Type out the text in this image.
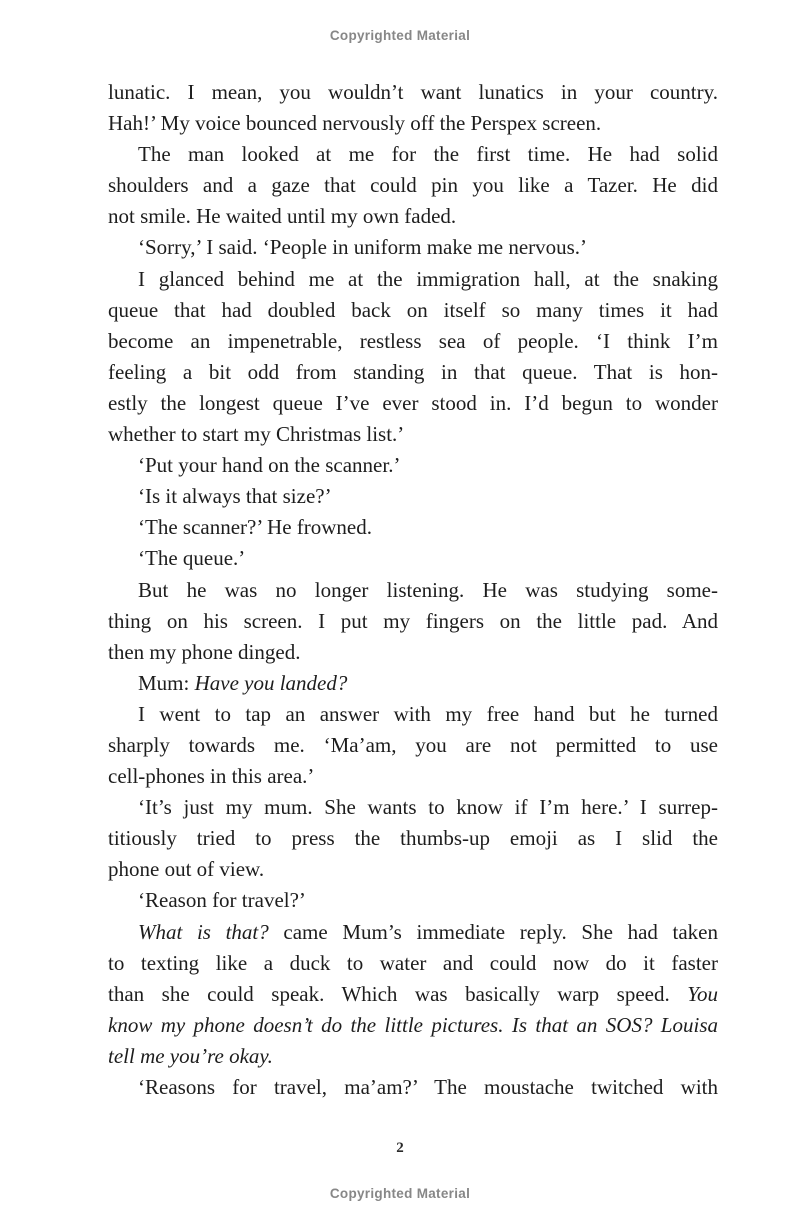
Copyrighted Material
lunatic. I mean, you wouldn’t want lunatics in your country.
Hah!’ My voice bounced nervously off the Perspex screen.
The man looked at me for the first time. He had solid
shoulders and a gaze that could pin you like a Tazer. He did
not smile. He waited until my own faded.
‘Sorry,’ I said. ‘People in uniform make me nervous.’
I glanced behind me at the immigration hall, at the snaking
queue that had doubled back on itself so many times it had
become an impenetrable, restless sea of people. ‘I think I’m
feeling a bit odd from standing in that queue. That is hon-
estly the longest queue I’ve ever stood in. I’d begun to wonder
whether to start my Christmas list.’
‘Put your hand on the scanner.’
‘Is it always that size?’
‘The scanner?’ He frowned.
‘The queue.’
But he was no longer listening. He was studying some-
thing on his screen. I put my fingers on the little pad. And
then my phone dinged.
Mum: Have you landed?
I went to tap an answer with my free hand but he turned
sharply towards me. ‘Ma’am, you are not permitted to use
cell-phones in this area.’
‘It’s just my mum. She wants to know if I’m here.’ I surrep-
titiously tried to press the thumbs-up emoji as I slid the
phone out of view.
‘Reason for travel?’
What is that? came Mum’s immediate reply. She had taken
to texting like a duck to water and could now do it faster
than she could speak. Which was basically warp speed. You
know my phone doesn’t do the little pictures. Is that an SOS? Louisa
tell me you’re okay.
‘Reasons for travel, ma’am?’ The moustache twitched with
2
Copyrighted Material
